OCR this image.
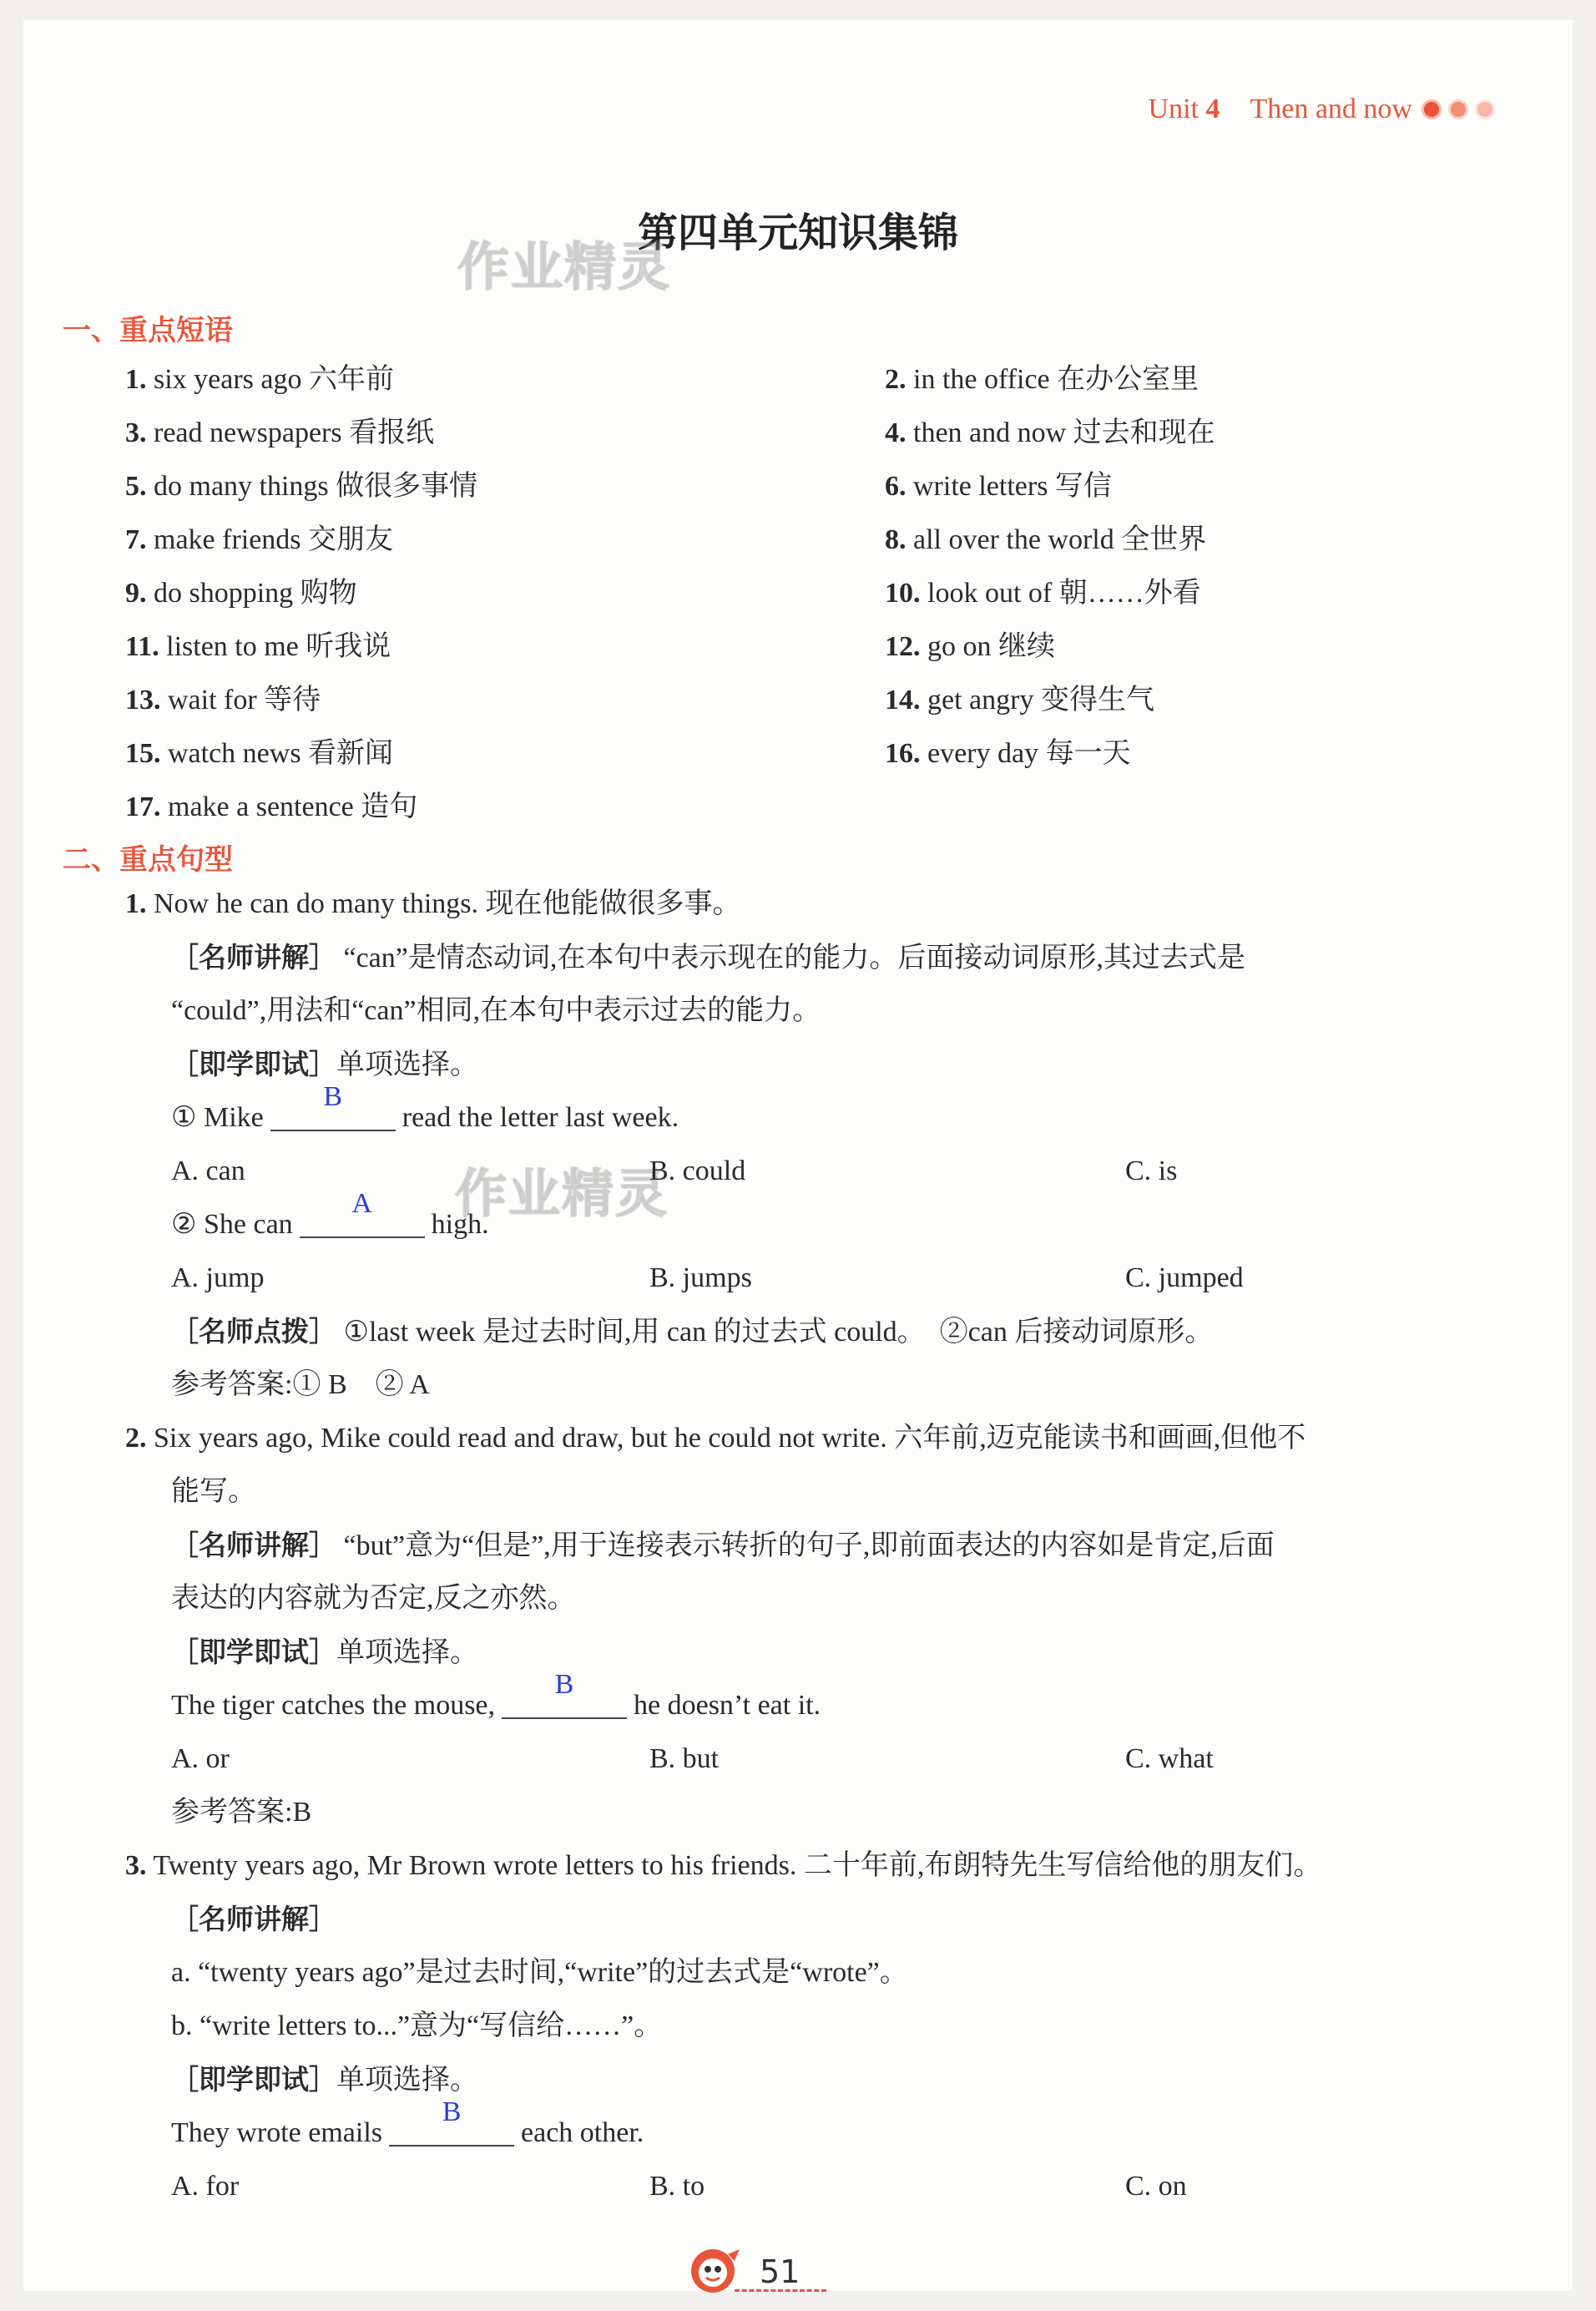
Unit 4 Then and now
第四单元知识集锦
作业精灵
作业精灵
一、重点短语
1. six years ago 六年前	2. in the office 在办公室里
3. read newspapers 看报纸	4. then and now 过去和现在
5. do many things 做很多事情	6. write letters 写信
7. make friends 交朋友	8. all over the world 全世界
9. do shopping 购物	10. look out of 朝……外看
11. listen to me 听我说	12. go on 继续
13. wait for 等待	14. get angry 变得生气
15. watch news 看新闻	16. every day 每一天
17. make a sentence 造句
二、重点句型
1. Now he can do many things. 现在他能做很多事。
［名师讲解］ “can”是情态动词,在本句中表示现在的能力。后面接动词原形,其过去式是
“could”,用法和“can”相同,在本句中表示过去的能力。
［即学即试］单项选择。
① Mike
B
read the letter last week.
A. can	B. could	C. is
② She can
A
high.
A. jump	B. jumps	C. jumped
［名师点拨］ ①last week 是过去时间,用 can 的过去式 could。　 ②can 后接动词原形。
参考答案:① B　② A
2. Six years ago, Mike could read and draw, but he could not write. 六年前,迈克能读书和画画,但他不
能写。
［名师讲解］ “but”意为“但是”,用于连接表示转折的句子,即前面表达的内容如是肯定,后面
表达的内容就为否定,反之亦然。
［即学即试］单项选择。
The tiger catches the mouse,
B
he doesn’t eat it.
A. or	B. but	C. what
参考答案:B
3. Twenty years ago, Mr Brown wrote letters to his friends. 二十年前,布朗特先生写信给他的朋友们。
［名师讲解］
a. “twenty years ago”是过去时间,“write”的过去式是“wrote”。
b. “write letters to...”意为“写信给……”。
［即学即试］单项选择。
They wrote emails
B
each other.
A. for	B. to	C. on
51
